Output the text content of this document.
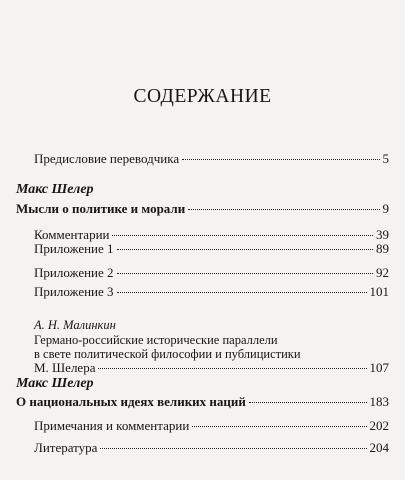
СОДЕРЖАНИЕ
Предисловие переводчика	5
Макс Шелер
Мысли о политике и морали	9
Комментарии	39
Приложение 1	89
Приложение 2	92
Приложение 3	101
А. Н. Малинкин
Германо-российские исторические параллели
в свете политической философии и публицистики
М. Шелера	107
Макс Шелер
О национальных идеях великих наций	183
Примечания и комментарии	202
Литература	204
